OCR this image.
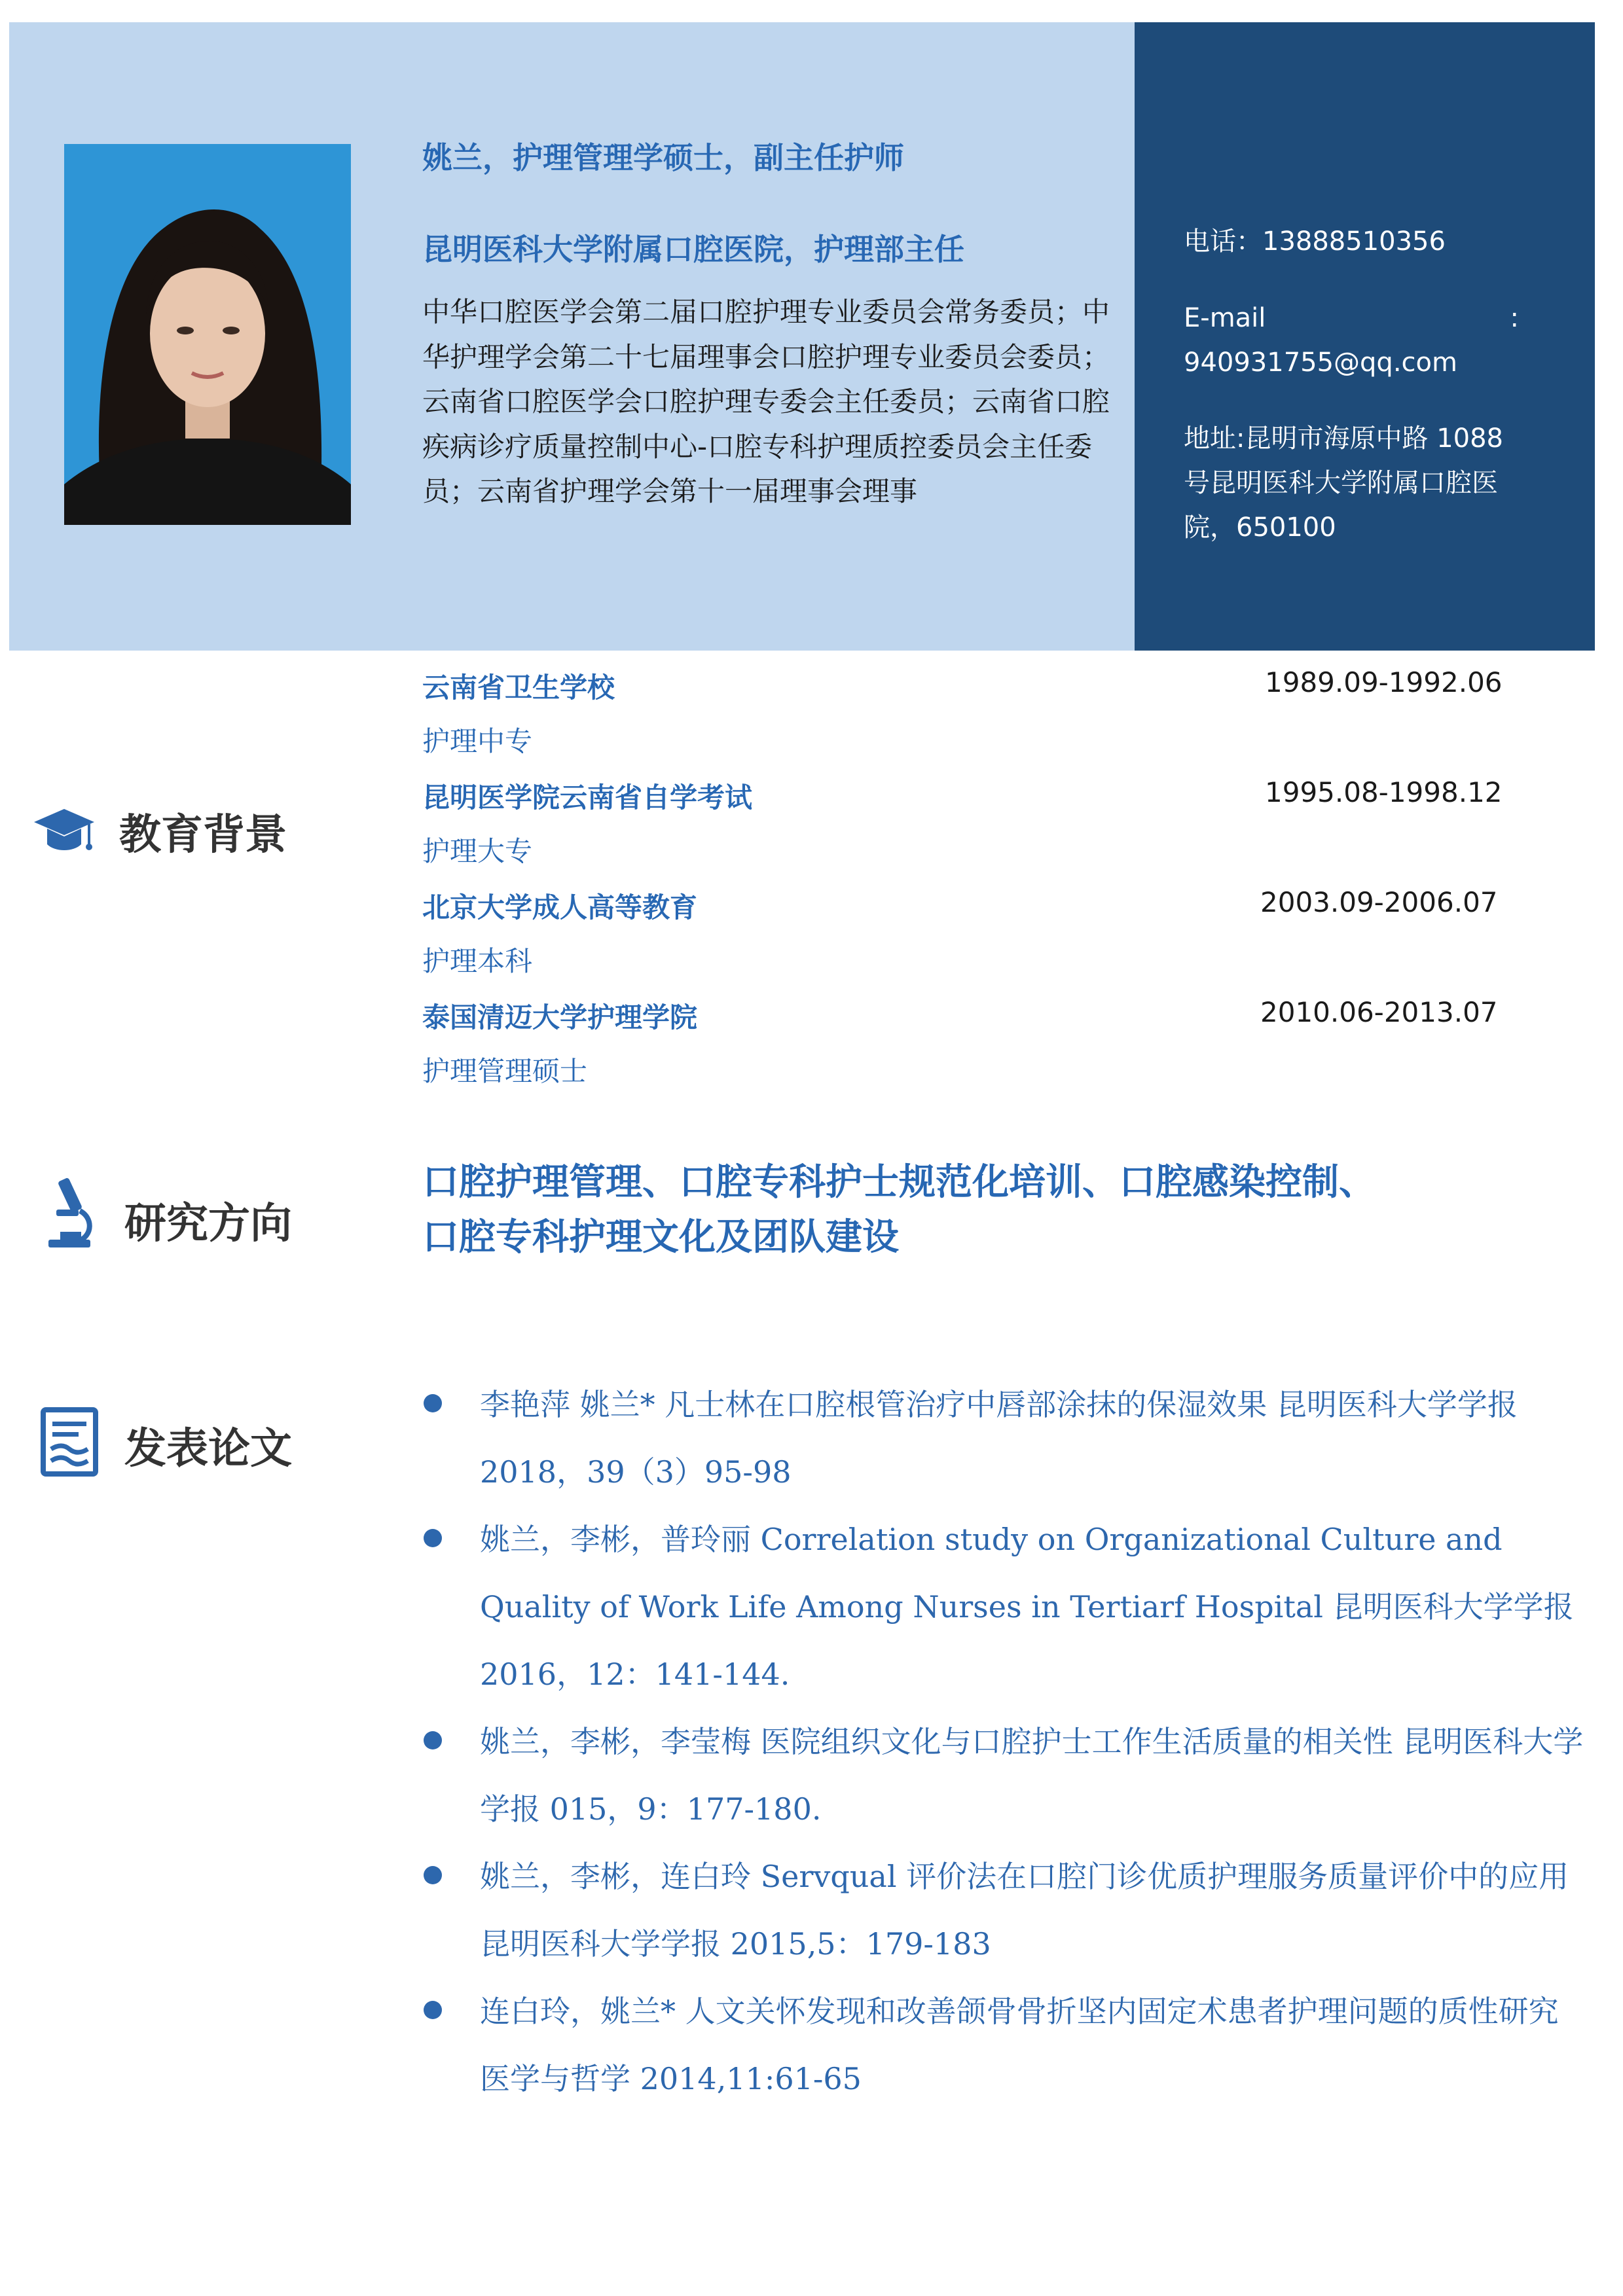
姚兰，护理管理学硕士，副主任护师
昆明医科大学附属口腔医院，护理部主任
中华口腔医学会第二届口腔护理专业委员会常务委员；中华护理学会第二十七届理事会口腔护理专业委员会委员；云南省口腔医学会口腔护理专委会主任委员；云南省口腔疾病诊疗质量控制中心-口腔专科护理质控委员会主任委员；云南省护理学会第十一届理事会理事
电话：13888510356
E-mail	:
940931755@qq.com
地址:昆明市海原中路 1088 号昆明医科大学附属口腔医院，650100
教育背景
云南省卫生学校	1989.09-1992.06
护理中专
昆明医学院云南省自学考试	1995.08-1998.12
护理大专
北京大学成人高等教育	2003.09-2006.07
护理本科
泰国清迈大学护理学院	2010.06-2013.07
护理管理硕士
研究方向
口腔护理管理、口腔专科护士规范化培训、口腔感染控制、
口腔专科护理文化及团队建设
发表论文
李艳萍 姚兰* 凡士林在口腔根管治疗中唇部涂抹的保湿效果 昆明医科大学学报 2018，39（3）95-98
姚兰，李彬，普玲丽 Correlation study on Organizational Culture and Quality of Work Life Among Nurses in Tertiarf Hospital 昆明医科大学学报 2016，12：141-144.
姚兰，李彬，李莹梅 医院组织文化与口腔护士工作生活质量的相关性 昆明医科大学学报 015，9：177-180.
姚兰，李彬，连白玲 Servqual 评价法在口腔门诊优质护理服务质量评价中的应用 昆明医科大学学报 2015,5：179-183
连白玲，姚兰* 人文关怀发现和改善颌骨骨折坚内固定术患者护理问题的质性研究 医学与哲学 2014,11:61-65
